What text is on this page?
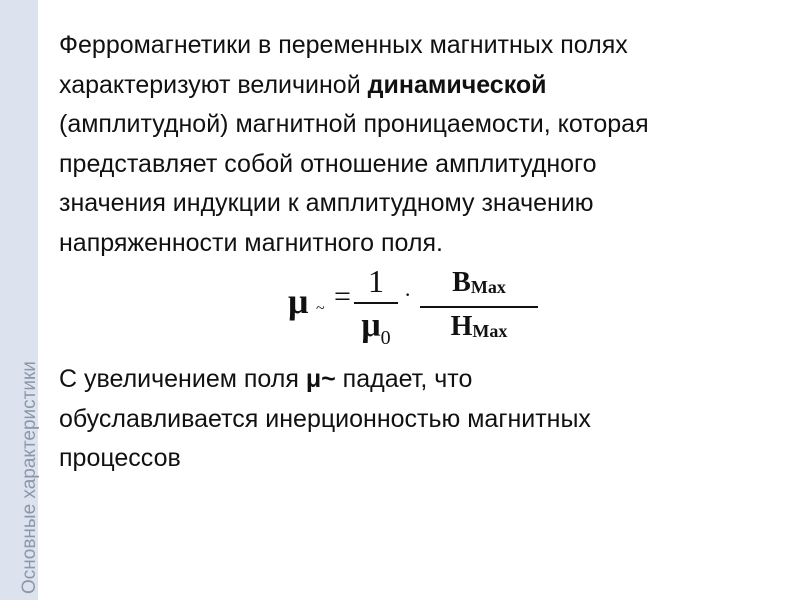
Основные характеристики

Ферромагнетики в переменных магнитных полях
характеризуют величиной динамической
(амплитудной) магнитной проницаемости, которая
представляет собой отношение амплитудного
значения индукции к амплитудному значению
напряженности магнитного поля.

μ ~ = 1
$\mu_0$
·	$B_{Max}$
$H_{Max}$

С увеличением поля μ~ падает, что
обуславливается инерционностью магнитных
процессов
